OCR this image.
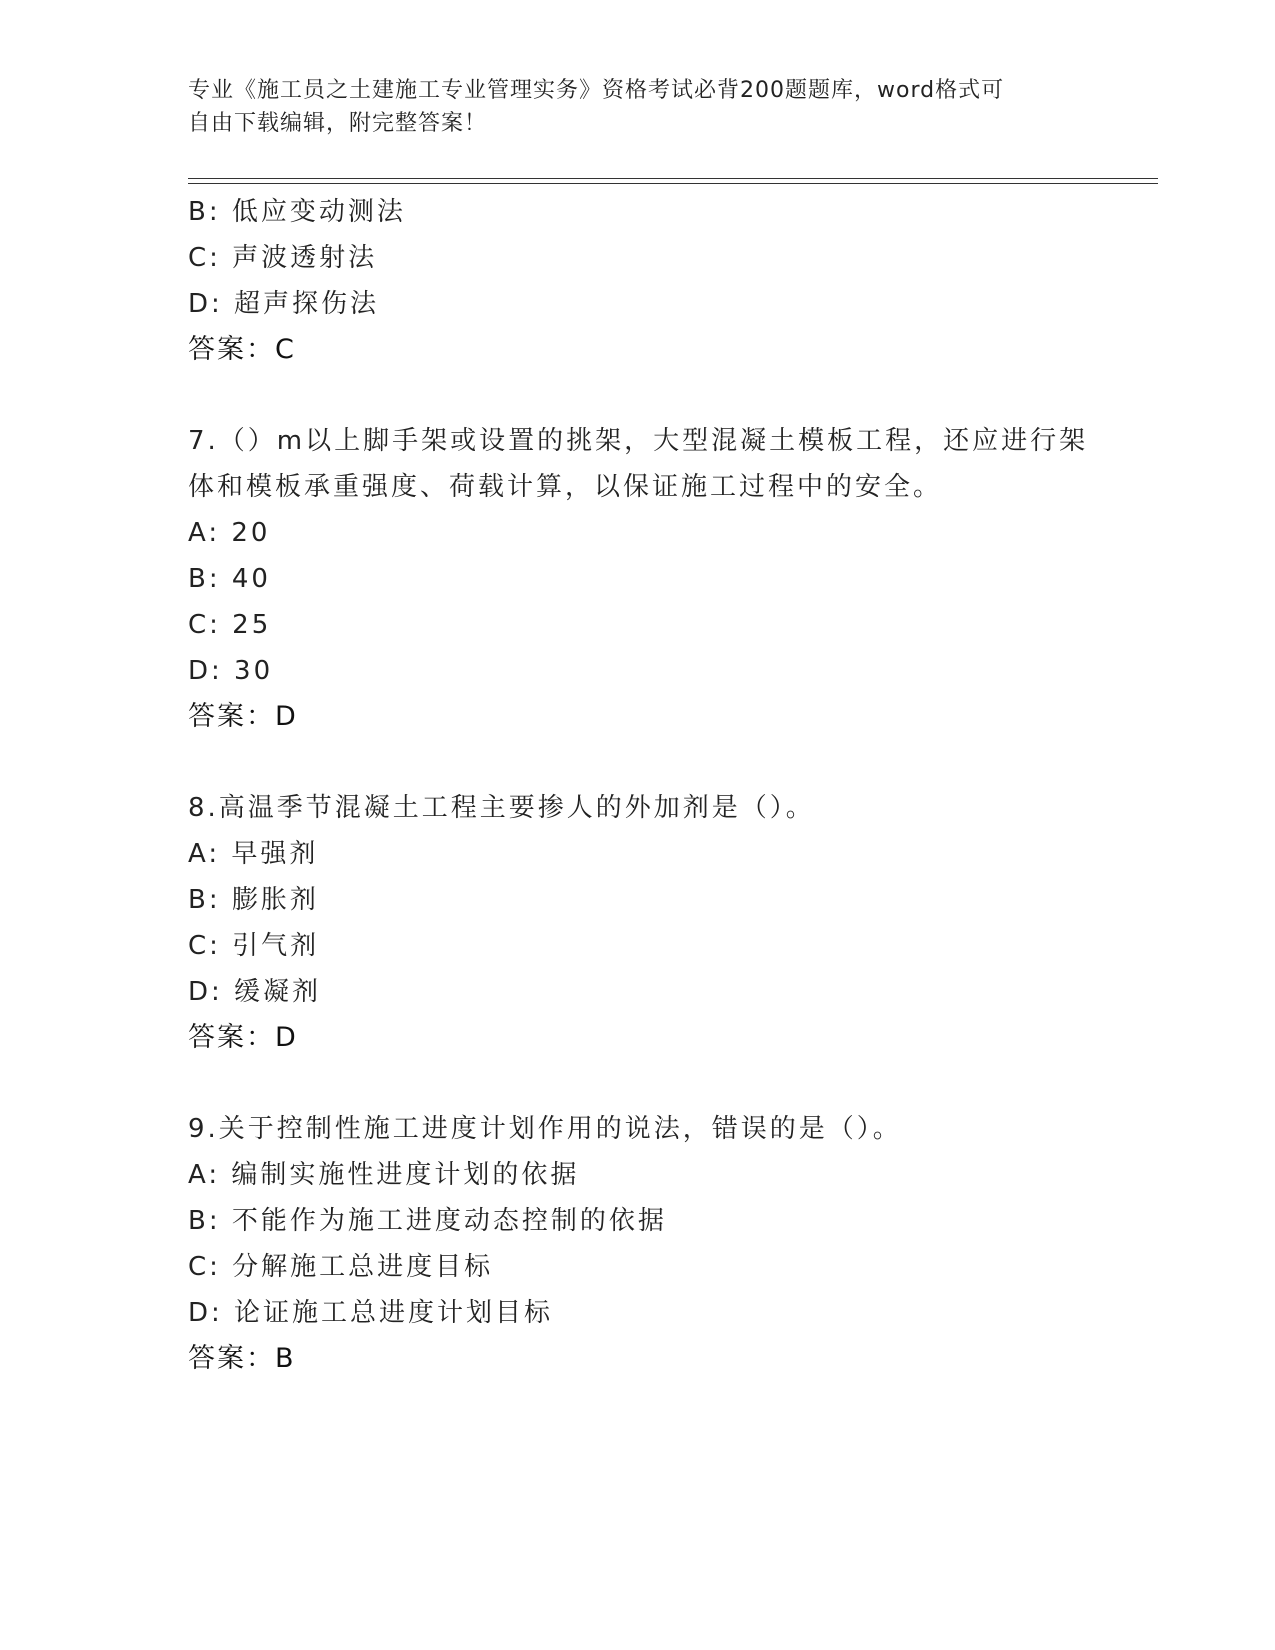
专业《施工员之土建施工专业管理实务》资格考试必背200题题库，word格式可
自由下载编辑，附完整答案！
B: 低应变动测法
C: 声波透射法
D: 超声探伤法
答案：C
7.（）m以上脚手架或设置的挑架，大型混凝土模板工程，还应进行架
体和模板承重强度、荷载计算，以保证施工过程中的安全。
A: 20
B: 40
C: 25
D: 30
答案：D
8.高温季节混凝土工程主要掺人的外加剂是（）。
A: 早强剂
B: 膨胀剂
C: 引气剂
D: 缓凝剂
答案：D
9.关于控制性施工进度计划作用的说法，错误的是（）。
A: 编制实施性进度计划的依据
B: 不能作为施工进度动态控制的依据
C: 分解施工总进度目标
D: 论证施工总进度计划目标
答案：B
